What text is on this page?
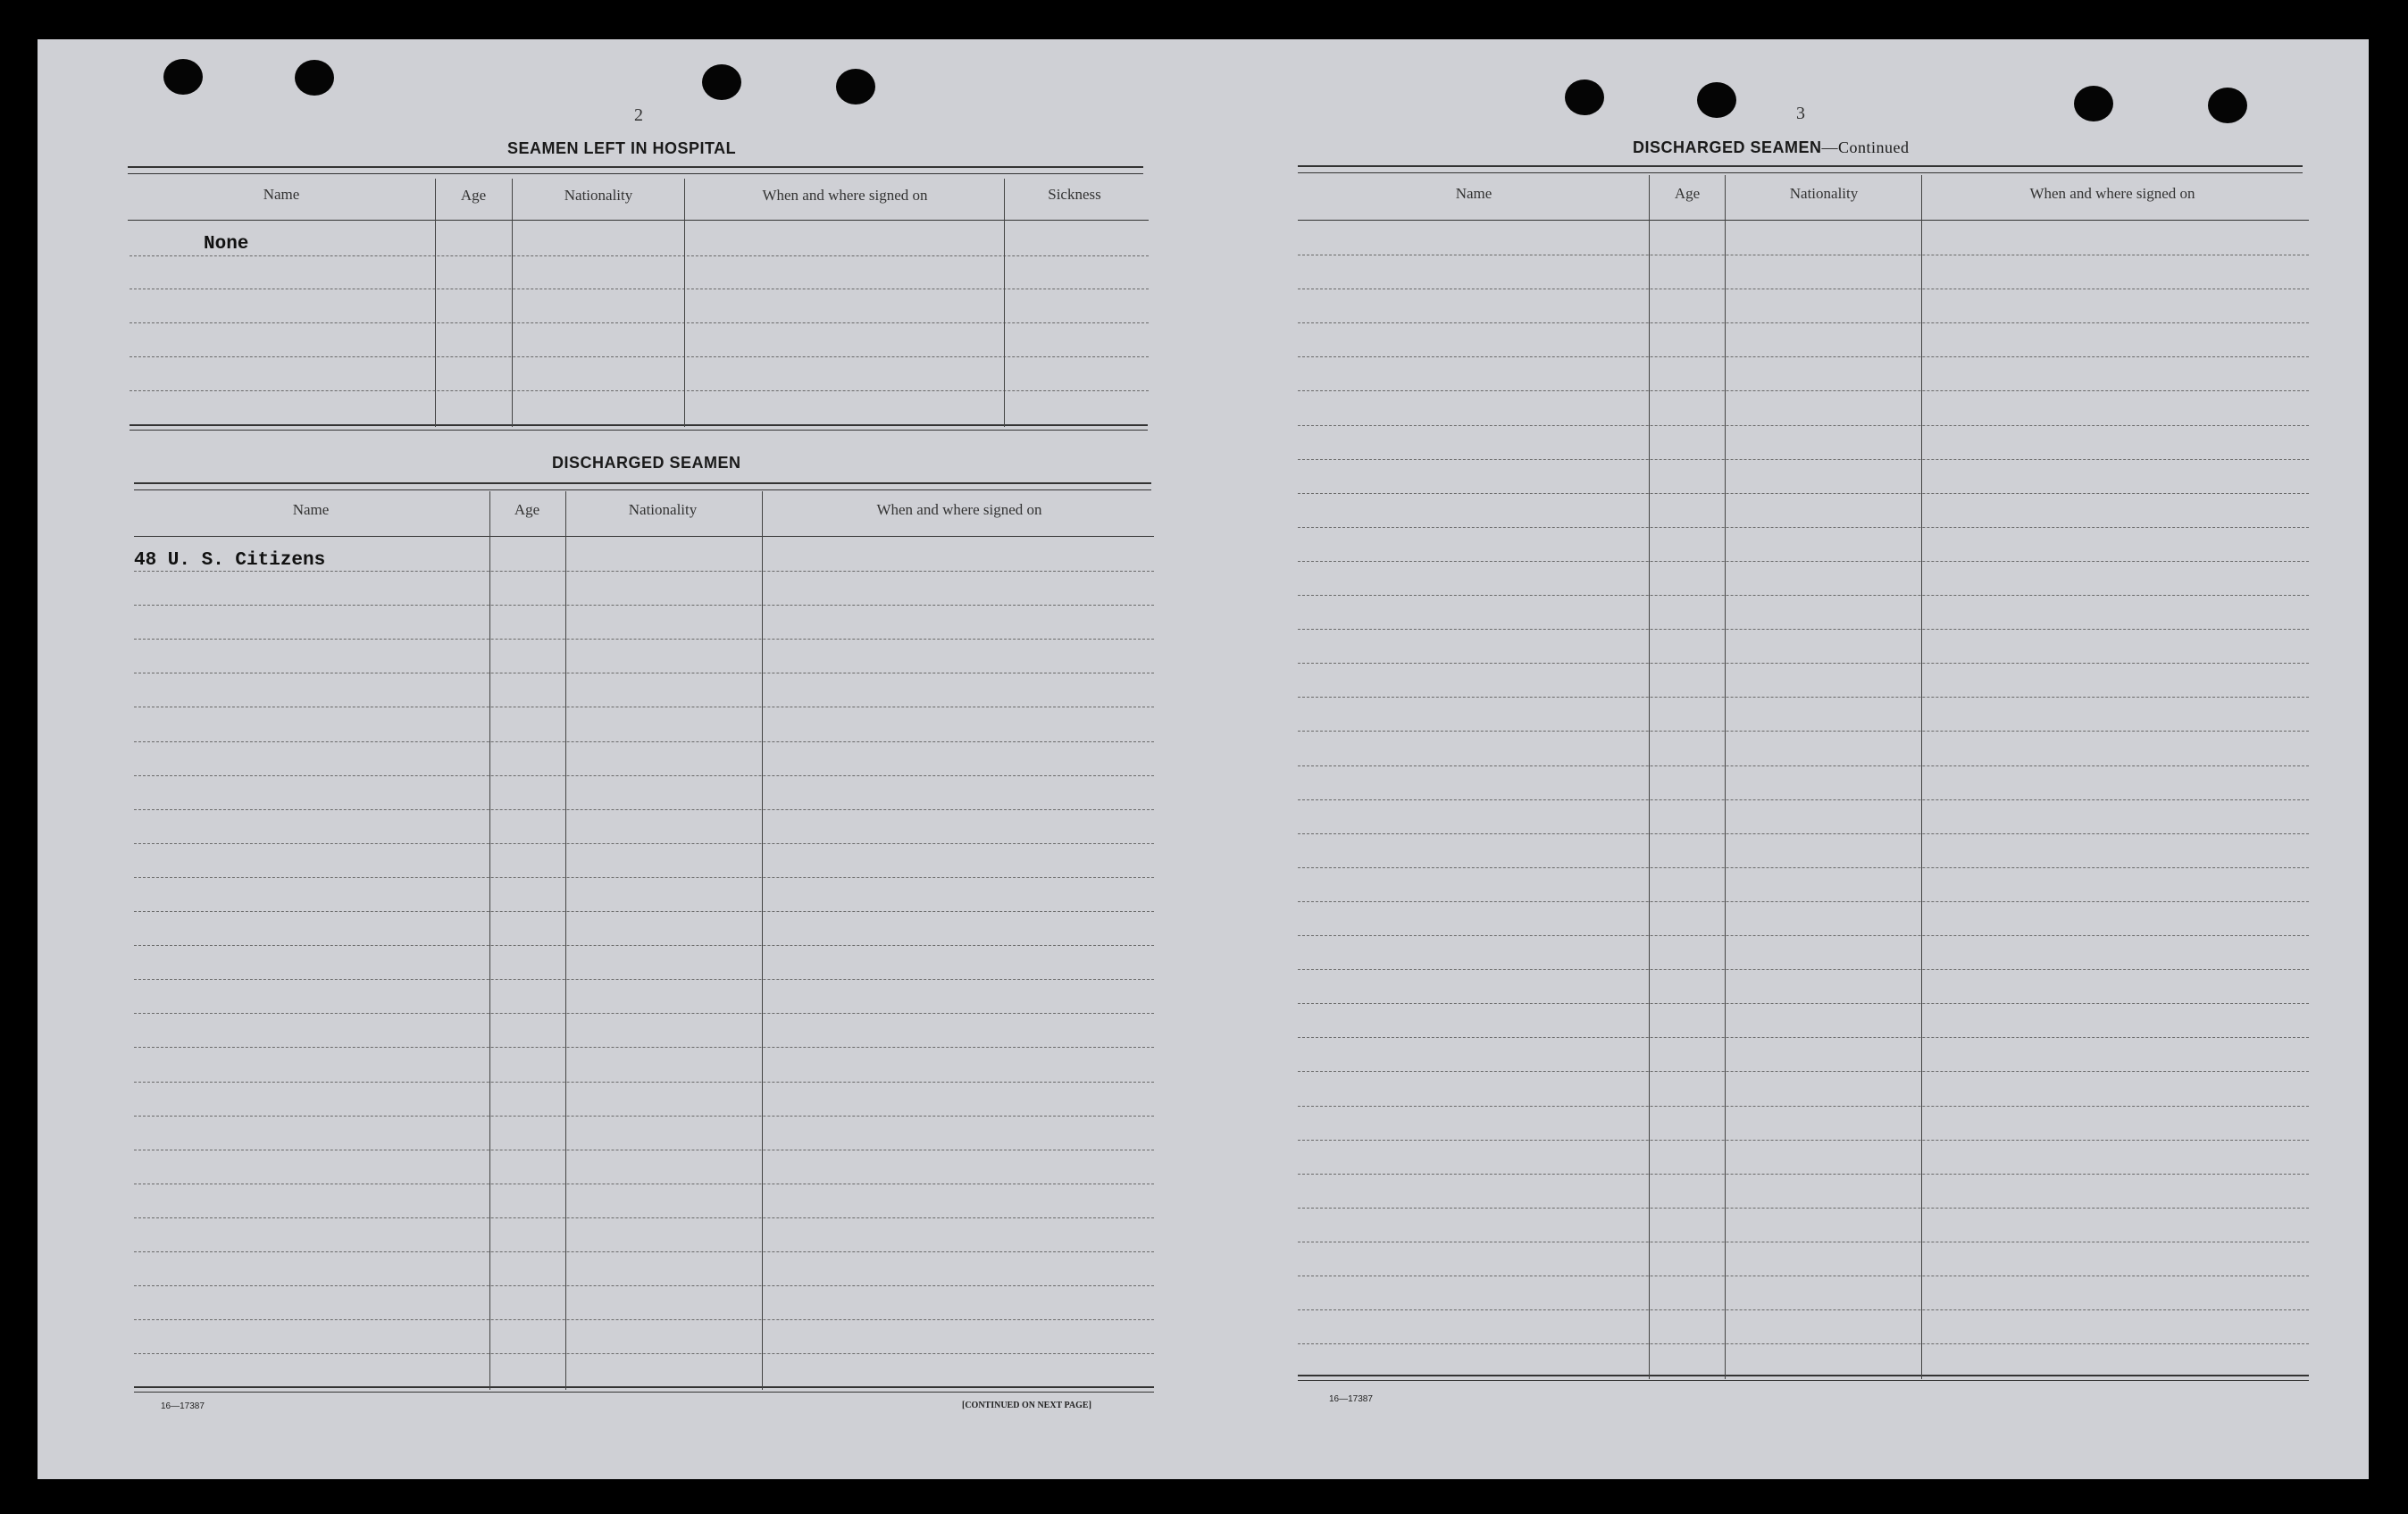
2
SEAMEN LEFT IN HOSPITAL
Name	Age	Nationality	When and where signed on	Sickness
None
DISCHARGED SEAMEN
Name	Age	Nationality	When and where signed on
48 U. S. Citizens
16—17387	[CONTINUED ON NEXT PAGE]
3
DISCHARGED SEAMEN—Continued
Name	Age	Nationality	When and where signed on
16—17387
